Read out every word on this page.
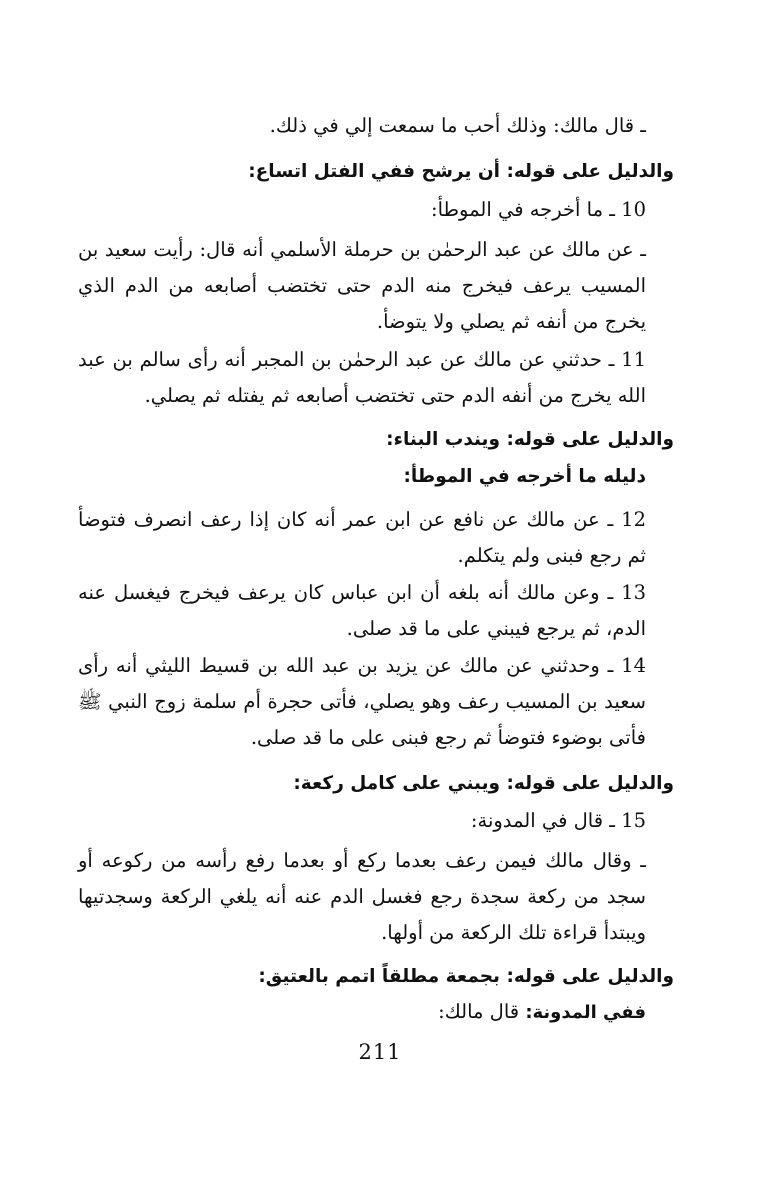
ـ قال مالك: وذلك أحب ما سمعت إلي في ذلك.

والدليل على قوله: أن يرشح ففي الفتل اتساع:

10 ـ ما أخرجه في الموطأ:

ـ عن مالك عن عبد الرحمٰن بن حرملة الأسلمي أنه قال: رأيت سعيد بن المسيب يرعف فيخرج منه الدم حتى تختضب أصابعه من الدم الذي يخرج من أنفه ثم يصلي ولا يتوضأ.

11 ـ حدثني عن مالك عن عبد الرحمٰن بن المجبر أنه رأى سالم بن عبد الله يخرج من أنفه الدم حتى تختضب أصابعه ثم يفتله ثم يصلي.

والدليل على قوله: ويندب البناء:
دليله ما أخرجه في الموطأ:

12 ـ عن مالك عن نافع عن ابن عمر أنه كان إذا رعف انصرف فتوضأ ثم رجع فبنى ولم يتكلم.

13 ـ وعن مالك أنه بلغه أن ابن عباس كان يرعف فيخرج فيغسل عنه الدم، ثم يرجع فيبني على ما قد صلى.

14 ـ وحدثني عن مالك عن يزيد بن عبد الله بن قسيط الليثي أنه رأى سعيد بن المسيب رعف وهو يصلي، فأتى حجرة أم سلمة زوج النبي ﷺ فأتى بوضوء فتوضأ ثم رجع فبنى على ما قد صلى.

والدليل على قوله: ويبني على كامل ركعة:

15 ـ قال في المدونة:

ـ وقال مالك فيمن رعف بعدما ركع أو بعدما رفع رأسه من ركوعه أو سجد من ركعة سجدة رجع فغسل الدم عنه أنه يلغي الركعة وسجدتيها ويبتدأ قراءة تلك الركعة من أولها.

والدليل على قوله: بجمعة مطلقاً اتمم بالعتيق:

ففي المدونة: قال مالك:

211
